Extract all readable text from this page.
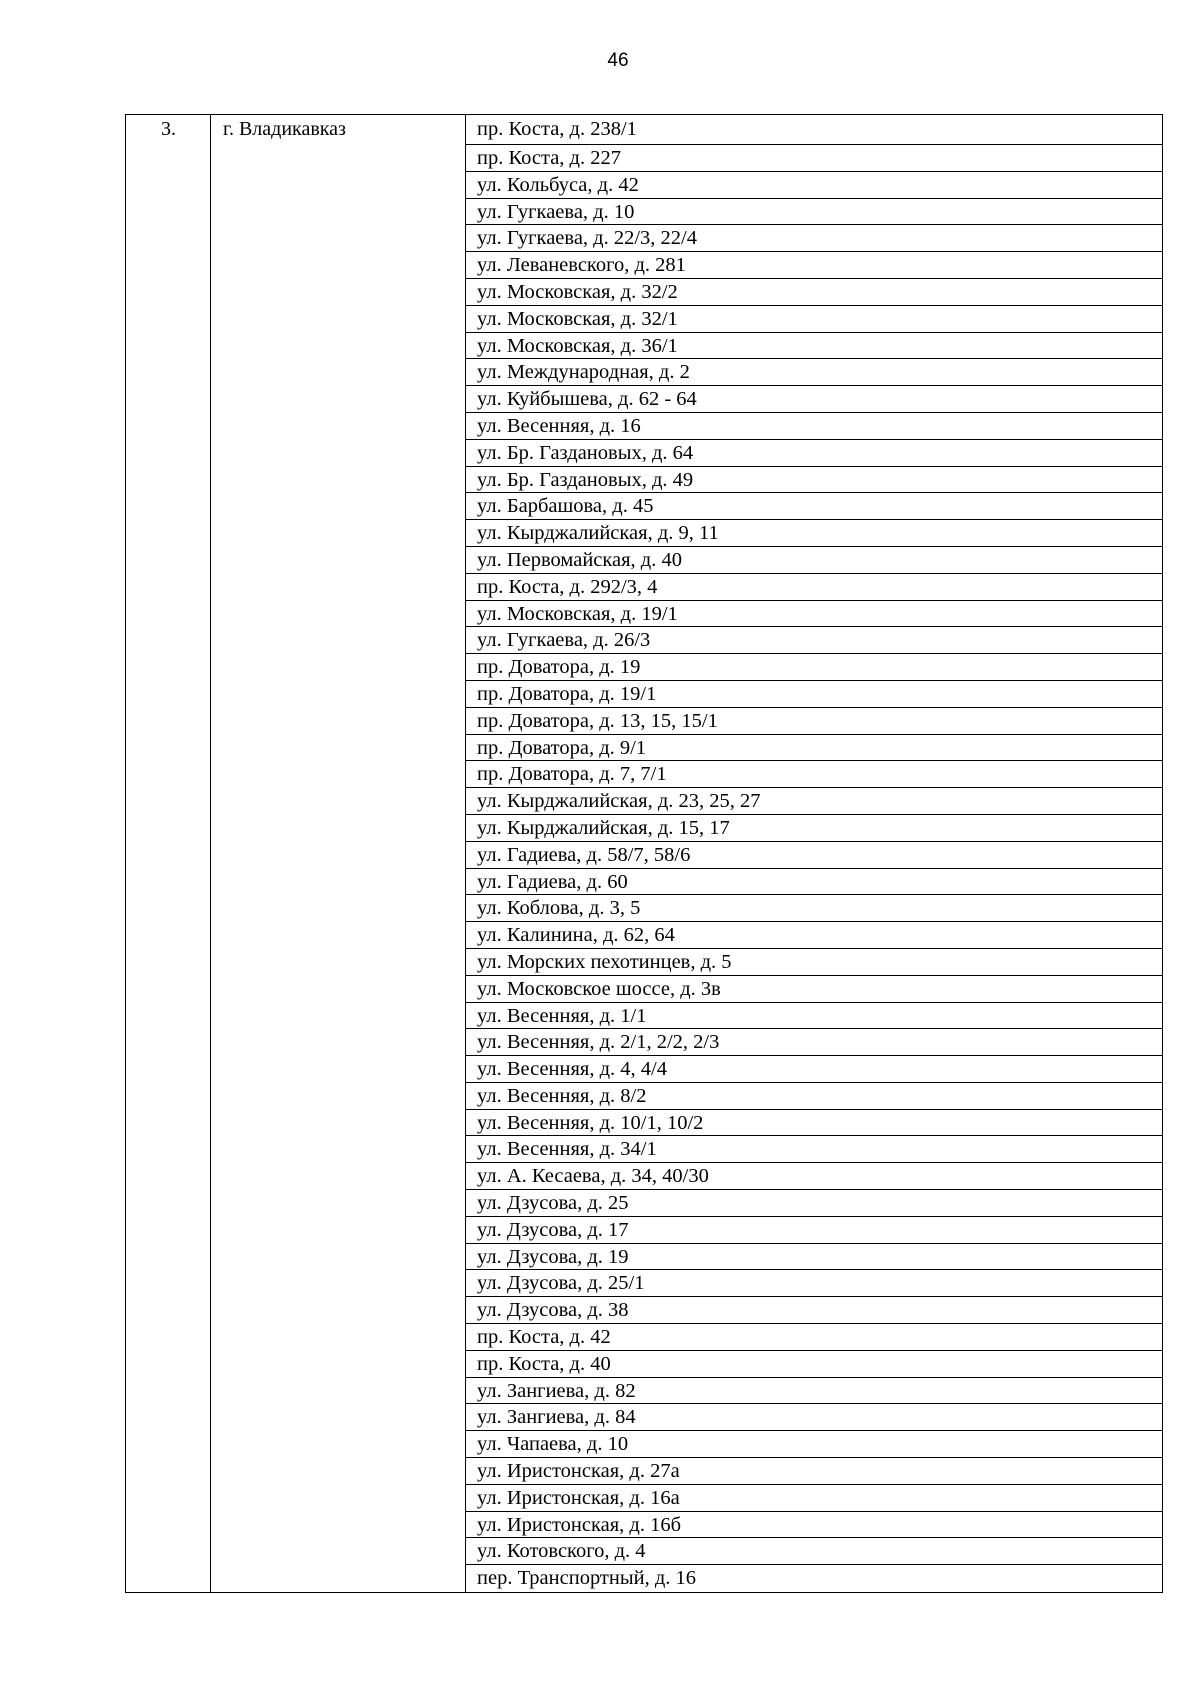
46
3.	г. Владикавказ	пр. Коста, д. 238/1
пр. Коста, д. 227
ул. Кольбуса, д. 42
ул. Гугкаева, д. 10
ул. Гугкаева, д. 22/3, 22/4
ул. Леваневского, д. 281
ул. Московская, д. 32/2
ул. Московская, д. 32/1
ул. Московская, д. 36/1
ул. Международная, д. 2
ул. Куйбышева, д. 62 - 64
ул. Весенняя, д. 16
ул. Бр. Газдановых, д. 64
ул. Бр. Газдановых, д. 49
ул. Барбашова, д. 45
ул. Кырджалийская, д. 9, 11
ул. Первомайская, д. 40
пр. Коста, д. 292/3, 4
ул. Московская, д. 19/1
ул. Гугкаева, д. 26/3
пр. Доватора, д. 19
пр. Доватора, д. 19/1
пр. Доватора, д. 13, 15, 15/1
пр. Доватора, д. 9/1
пр. Доватора, д. 7, 7/1
ул. Кырджалийская, д. 23, 25, 27
ул. Кырджалийская, д. 15, 17
ул. Гадиева, д. 58/7, 58/6
ул. Гадиева, д. 60
ул. Коблова, д. 3, 5
ул. Калинина, д. 62, 64
ул. Морских пехотинцев, д. 5
ул. Московское шоссе, д. 3в
ул. Весенняя, д. 1/1
ул. Весенняя, д. 2/1, 2/2, 2/3
ул. Весенняя, д. 4, 4/4
ул. Весенняя, д. 8/2
ул. Весенняя, д. 10/1, 10/2
ул. Весенняя, д. 34/1
ул. А. Кесаева, д. 34, 40/30
ул. Дзусова, д. 25
ул. Дзусова, д. 17
ул. Дзусова, д. 19
ул. Дзусова, д. 25/1
ул. Дзусова, д. 38
пр. Коста, д. 42
пр. Коста, д. 40
ул. Зангиева, д. 82
ул. Зангиева, д. 84
ул. Чапаева, д. 10
ул. Иристонская, д. 27а
ул. Иристонская, д. 16а
ул. Иристонская, д. 16б
ул. Котовского, д. 4
пер. Транспортный, д. 16
